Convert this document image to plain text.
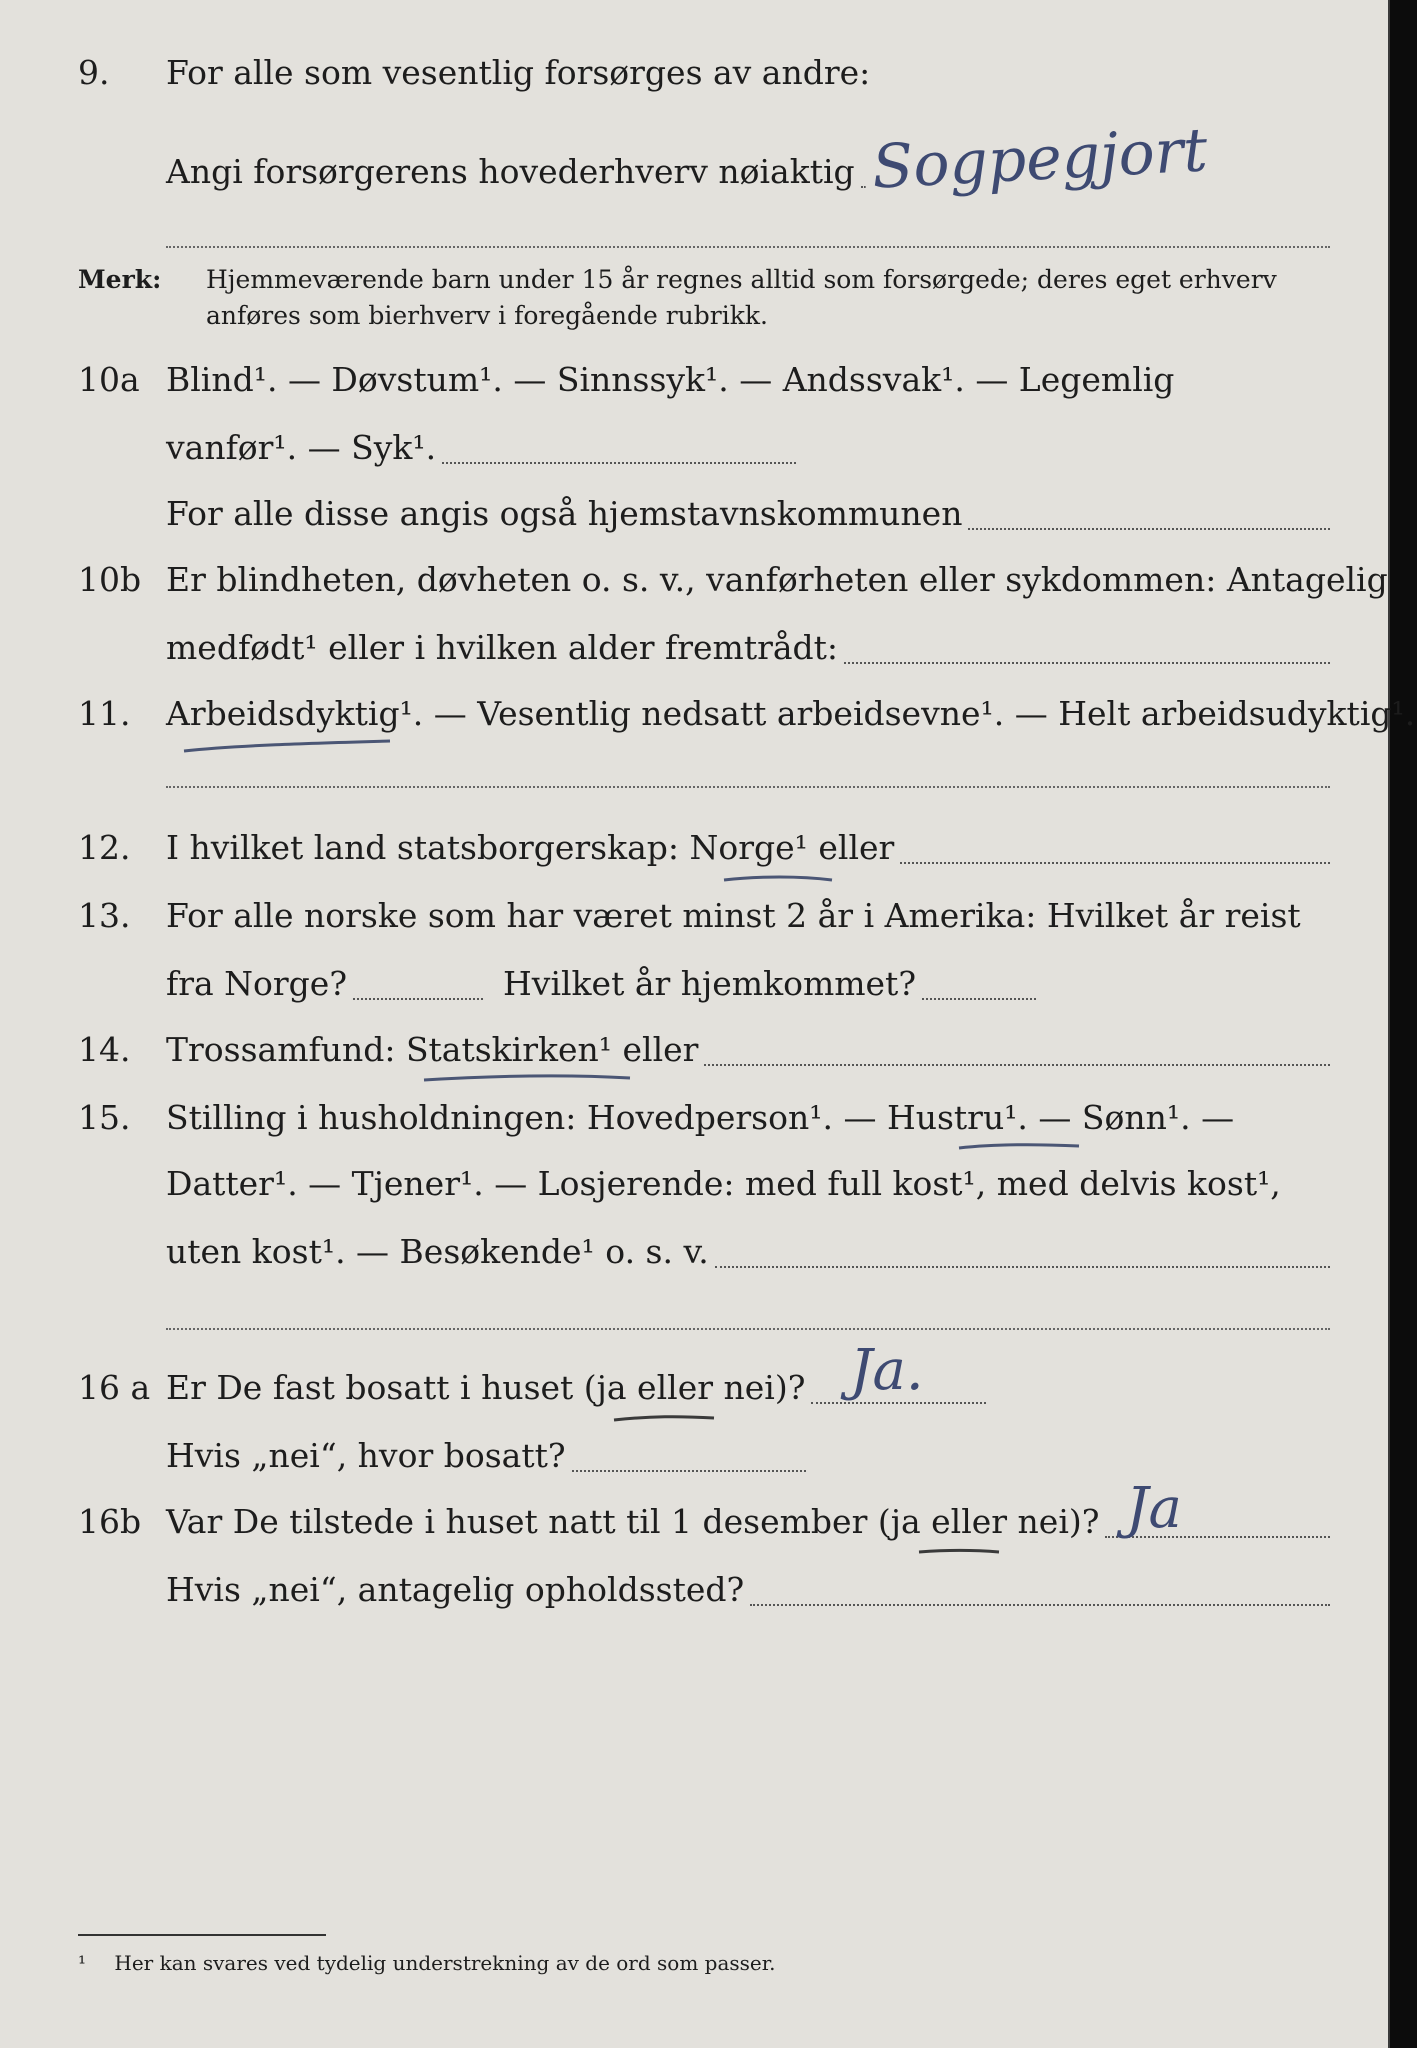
9.	For alle som vesentlig forsørges av andre:
Angi forsørgerens hovederhverv nøiaktig Sogpegjort
Merk: Hjemmeværende barn under 15 år regnes alltid som forsørgede; deres eget erhverv
anføres som bierhverv i foregående rubrikk.
10a Blind¹. — Døvstum¹. — Sinnssyk¹. — Andssvak¹. — Legemlig
vanfør¹. — Syk¹.
For alle disse angis også hjemstavnskommunen
10b Er blindheten, døvheten o. s. v., vanførheten eller sykdommen: Antagelig
medfødt¹ eller i hvilken alder fremtrådt:
11.	Arbeidsdyktig¹. — Vesentlig nedsatt arbeidsevne¹. — Helt arbeidsudyktig¹.
12.	I hvilket land statsborgerskap: Norge¹ eller
13.	For alle norske som har været minst 2 år i Amerika: Hvilket år reist
fra Norge?	Hvilket år hjemkommet?
14.	Trossamfund: Statskirken¹ eller
15.	Stilling i husholdningen: Hovedperson¹. — Hustru¹. — Sønn¹. —
Datter¹. — Tjener¹. — Losjerende: med full kost¹, med delvis kost¹,
uten kost¹. — Besøkende¹ o. s. v.
16 a Er De fast bosatt i huset (ja eller nei)? Ja.
Hvis „nei“, hvor bosatt?
16b Var De tilstede i huset natt til 1 desember (ja eller nei)? Ja
Hvis „nei“, antagelig opholdssted?
¹ Her kan svares ved tydelig understrekning av de ord som passer.
